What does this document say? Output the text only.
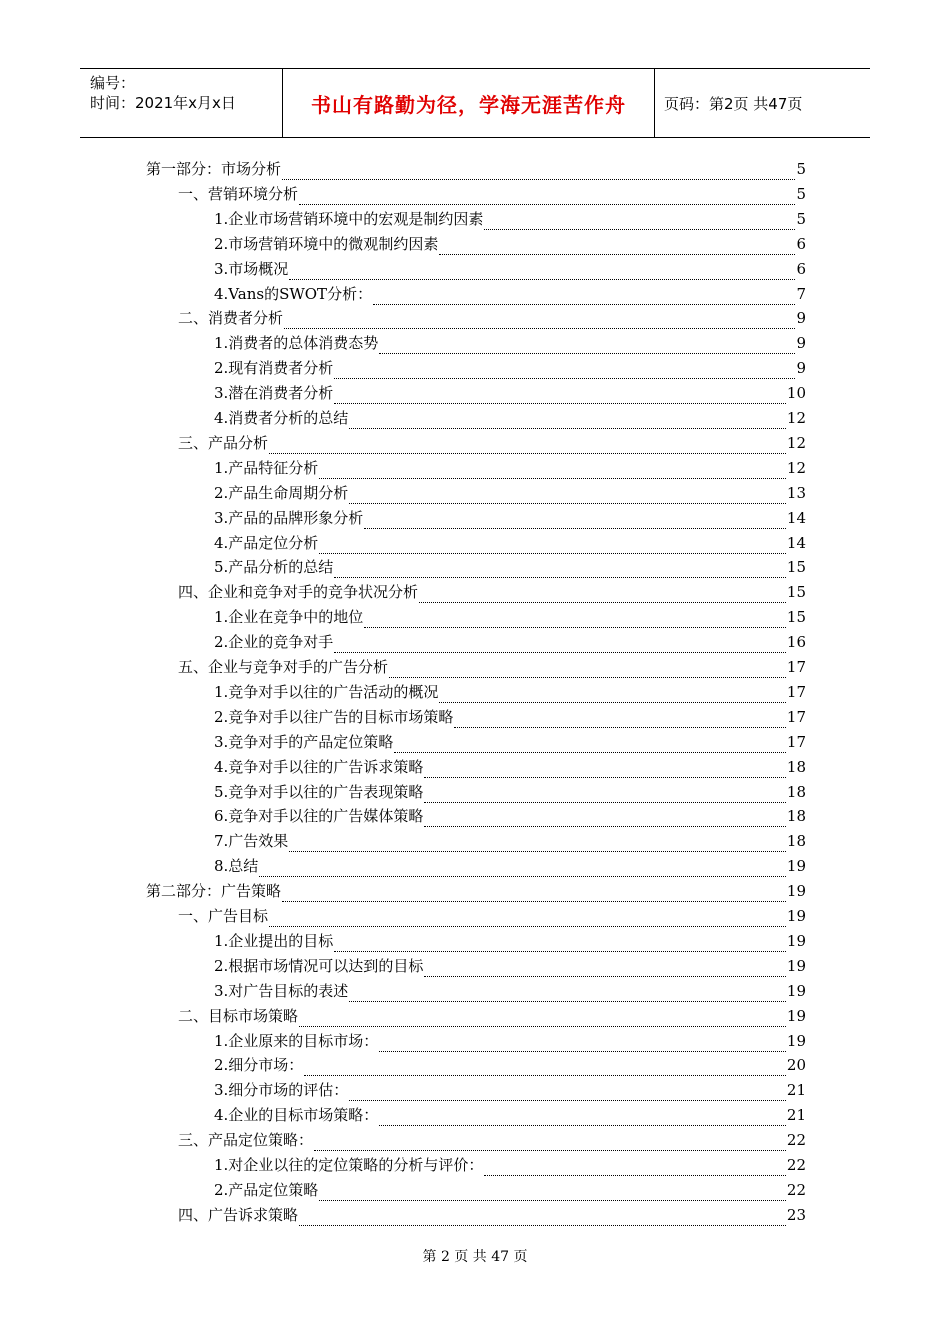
编号：
时间：2021年x月x日	书山有路勤为径，学海无涯苦作舟	页码：第2页 共47页
第一部分：市场分析	5
一、营销环境分析	5
1.企业市场营销环境中的宏观是制约因素	5
2.市场营销环境中的微观制约因素	6
3.市场概况	6
4.Vans的SWOT分析：	7
二、消费者分析	9
1.消费者的总体消费态势	9
2.现有消费者分析	9
3.潜在消费者分析	10
4.消费者分析的总结	12
三、产品分析	12
1.产品特征分析	12
2.产品生命周期分析	13
3.产品的品牌形象分析	14
4.产品定位分析	14
5.产品分析的总结	15
四、企业和竞争对手的竞争状况分析	15
1.企业在竞争中的地位	15
2.企业的竞争对手	16
五、企业与竞争对手的广告分析	17
1.竞争对手以往的广告活动的概况	17
2.竞争对手以往广告的目标市场策略	17
3.竞争对手的产品定位策略	17
4.竞争对手以往的广告诉求策略	18
5.竞争对手以往的广告表现策略	18
6.竞争对手以往的广告媒体策略	18
7.广告效果	18
8.总结	19
第二部分：广告策略	19
一、广告目标	19
1.企业提出的目标	19
2.根据市场情况可以达到的目标	19
3.对广告目标的表述	19
二、目标市场策略	19
1.企业原来的目标市场：	19
2.细分市场：	20
3.细分市场的评估：	21
4.企业的目标市场策略：	21
三、产品定位策略：	22
1.对企业以往的定位策略的分析与评价：	22
2.产品定位策略	22
四、广告诉求策略	23
第 2 页 共 47 页
